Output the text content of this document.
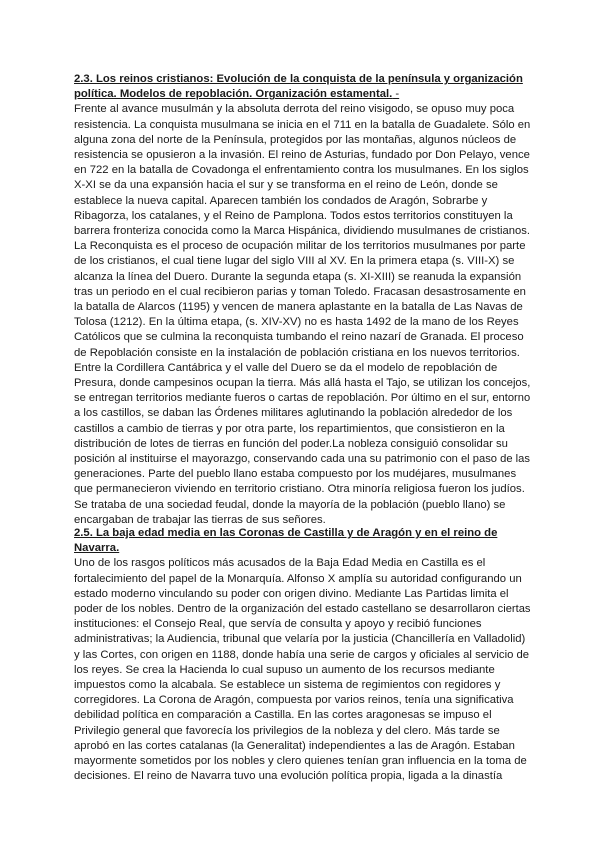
2.3. Los reinos cristianos: Evolución de la conquista de la península y organización
política. Modelos de repoblación. Organización estamental. -

Frente al avance musulmán y la absoluta derrota del reino visigodo, se opuso muy poca
resistencia. La conquista musulmana se inicia en el 711 en la batalla de Guadalete. Sólo en
alguna zona del norte de la Península, protegidos por las montañas, algunos núcleos de
resistencia se opusieron a la invasión. El reino de Asturias, fundado por Don Pelayo, vence
en 722 en la batalla de Covadonga el enfrentamiento contra los musulmanes. En los siglos
X-XI se da una expansión hacia el sur y se transforma en el reino de León, donde se
establece la nueva capital. Aparecen también los condados de Aragón, Sobrarbe y
Ribagorza, los catalanes, y el Reino de Pamplona. Todos estos territorios constituyen la
barrera fronteriza conocida como la Marca Hispánica, dividiendo musulmanes de cristianos.
La Reconquista es el proceso de ocupación militar de los territorios musulmanes por parte
de los cristianos, el cual tiene lugar del siglo VIII al XV. En la primera etapa (s. VIII-X) se
alcanza la línea del Duero. Durante la segunda etapa (s. XI-XIII) se reanuda la expansión
tras un periodo en el cual recibieron parias y toman Toledo. Fracasan desastrosamente en
la batalla de Alarcos (1195) y vencen de manera aplastante en la batalla de Las Navas de
Tolosa (1212). En la última etapa, (s. XIV-XV) no es hasta 1492 de la mano de los Reyes
Católicos que se culmina la reconquista tumbando el reino nazarí de Granada. El proceso
de Repoblación consiste en la instalación de población cristiana en los nuevos territorios.
Entre la Cordillera Cantábrica y el valle del Duero se da el modelo de repoblación de
Presura, donde campesinos ocupan la tierra. Más allá hasta el Tajo, se utilizan los concejos,
se entregan territorios mediante fueros o cartas de repoblación. Por último en el sur, entorno
a los castillos, se daban las Órdenes militares aglutinando la población alrededor de los
castillos a cambio de tierras y por otra parte, los repartimientos, que consistieron en la
distribución de lotes de tierras en función del poder.La nobleza consiguió consolidar su
posición al instituirse el mayorazgo, conservando cada una su patrimonio con el paso de las
generaciones. Parte del pueblo llano estaba compuesto por los mudéjares, musulmanes
que permanecieron viviendo en territorio cristiano. Otra minoría religiosa fueron los judíos.
Se trataba de una sociedad feudal, donde la mayoría de la población (pueblo llano) se
encargaban de trabajar las tierras de sus señores.

2.5. La baja edad media en las Coronas de Castilla y de Aragón y en el reino de
Navarra.

Uno de los rasgos políticos más acusados de la Baja Edad Media en Castilla es el
fortalecimiento del papel de la Monarquía. Alfonso X amplía su autoridad configurando un
estado moderno vinculando su poder con origen divino. Mediante Las Partidas limita el
poder de los nobles. Dentro de la organización del estado castellano se desarrollaron ciertas
instituciones: el Consejo Real, que servía de consulta y apoyo y recibió funciones
administrativas; la Audiencia, tribunal que velaría por la justicia (Chancillería en Valladolid)
y las Cortes, con origen en 1188, donde había una serie de cargos y oficiales al servicio de
los reyes. Se crea la Hacienda lo cual supuso un aumento de los recursos mediante
impuestos como la alcabala. Se establece un sistema de regimientos con regidores y
corregidores. La Corona de Aragón, compuesta por varios reinos, tenía una significativa
debilidad política en comparación a Castilla. En las cortes aragonesas se impuso el
Privilegio general que favorecía los privilegios de la nobleza y del clero. Más tarde se
aprobó en las cortes catalanas (la Generalitat) independientes a las de Aragón. Estaban
mayormente sometidos por los nobles y clero quienes tenían gran influencia en la toma de
decisiones. El reino de Navarra tuvo una evolución política propia, ligada a la dinastía
